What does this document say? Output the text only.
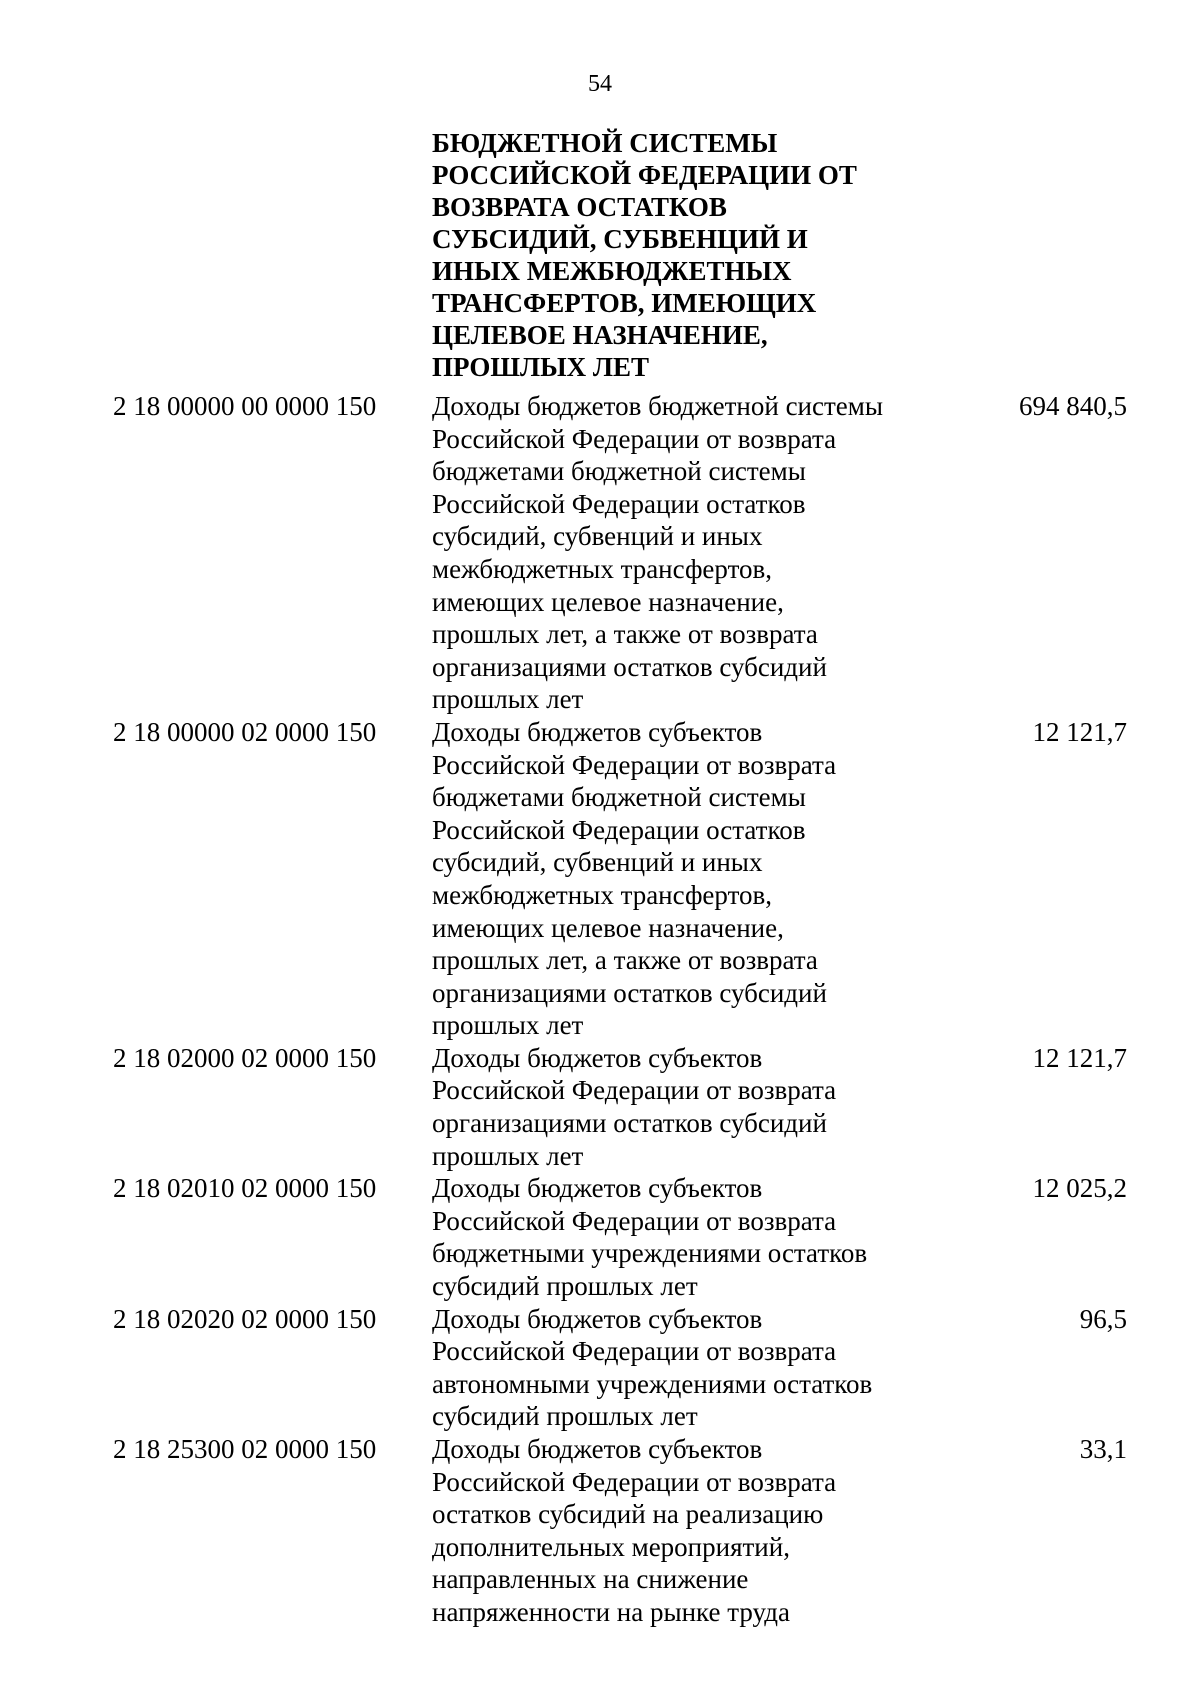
54
БЮДЖЕТНОЙ СИСТЕМЫ
РОССИЙСКОЙ ФЕДЕРАЦИИ ОТ
ВОЗВРАТА ОСТАТКОВ
СУБСИДИЙ, СУБВЕНЦИЙ И
ИНЫХ МЕЖБЮДЖЕТНЫХ
ТРАНСФЕРТОВ, ИМЕЮЩИХ
ЦЕЛЕВОЕ НАЗНАЧЕНИЕ,
ПРОШЛЫХ ЛЕТ
2 18 00000 00 0000 150 Доходы бюджетов бюджетной системы
Российской Федерации от возврата
бюджетами бюджетной системы
Российской Федерации остатков
субсидий, субвенций и иных
межбюджетных трансфертов,
имеющих целевое назначение,
прошлых лет, а также от возврата
организациями остатков субсидий
прошлых лет
694 840,5
2 18 00000 02 0000 150 Доходы бюджетов субъектов
Российской Федерации от возврата
бюджетами бюджетной системы
Российской Федерации остатков
субсидий, субвенций и иных
межбюджетных трансфертов,
имеющих целевое назначение,
прошлых лет, а также от возврата
организациями остатков субсидий
прошлых лет
12 121,7
2 18 02000 02 0000 150 Доходы бюджетов субъектов
Российской Федерации от возврата
организациями остатков субсидий
прошлых лет
12 121,7
2 18 02010 02 0000 150 Доходы бюджетов субъектов
Российской Федерации от возврата
бюджетными учреждениями остатков
субсидий прошлых лет
12 025,2
2 18 02020 02 0000 150 Доходы бюджетов субъектов
Российской Федерации от возврата
автономными учреждениями остатков
субсидий прошлых лет
96,5
2 18 25300 02 0000 150 Доходы бюджетов субъектов
Российской Федерации от возврата
остатков субсидий на реализацию
дополнительных мероприятий,
направленных на снижение
напряженности на рынке труда
33,1
